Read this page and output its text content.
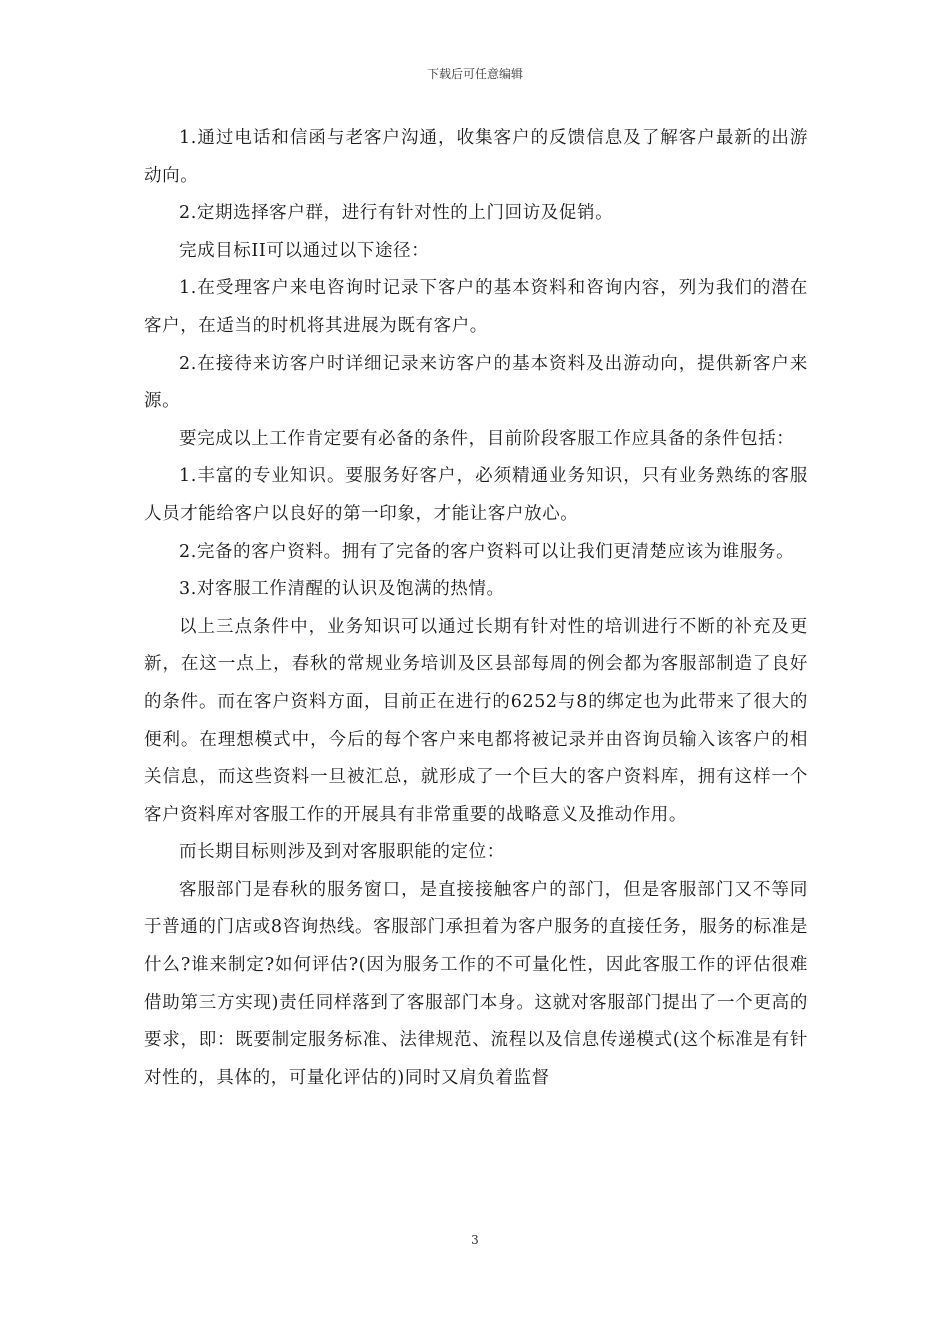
下载后可任意编辑

1.通过电话和信函与老客户沟通，收集客户的反馈信息及了解客户最新的出游动向。

2.定期选择客户群，进行有针对性的上门回访及促销。

完成目标II可以通过以下途径：

1.在受理客户来电咨询时记录下客户的基本资料和咨询内容，列为我们的潜在客户，在适当的时机将其进展为既有客户。

2.在接待来访客户时详细记录来访客户的基本资料及出游动向，提供新客户来源。

要完成以上工作肯定要有必备的条件，目前阶段客服工作应具备的条件包括：

1.丰富的专业知识。要服务好客户，必须精通业务知识，只有业务熟练的客服人员才能给客户以良好的第一印象，才能让客户放心。

2.完备的客户资料。拥有了完备的客户资料可以让我们更清楚应该为谁服务。

3.对客服工作清醒的认识及饱满的热情。

以上三点条件中，业务知识可以通过长期有针对性的培训进行不断的补充及更新，在这一点上，春秋的常规业务培训及区县部每周的例会都为客服部制造了良好的条件。而在客户资料方面，目前正在进行的6252与8的绑定也为此带来了很大的便利。在理想模式中，今后的每个客户来电都将被记录并由咨询员输入该客户的相关信息，而这些资料一旦被汇总，就形成了一个巨大的客户资料库，拥有这样一个客户资料库对客服工作的开展具有非常重要的战略意义及推动作用。

而长期目标则涉及到对客服职能的定位：

客服部门是春秋的服务窗口，是直接接触客户的部门，但是客服部门又不等同于普通的门店或8咨询热线。客服部门承担着为客户服务的直接任务，服务的标准是什么?谁来制定?如何评估?(因为服务工作的不可量化性，因此客服工作的评估很难借助第三方实现)责任同样落到了客服部门本身。这就对客服部门提出了一个更高的要求，即：既要制定服务标准、法律规范、流程以及信息传递模式(这个标准是有针对性的，具体的，可量化评估的)同时又肩负着监督

3
